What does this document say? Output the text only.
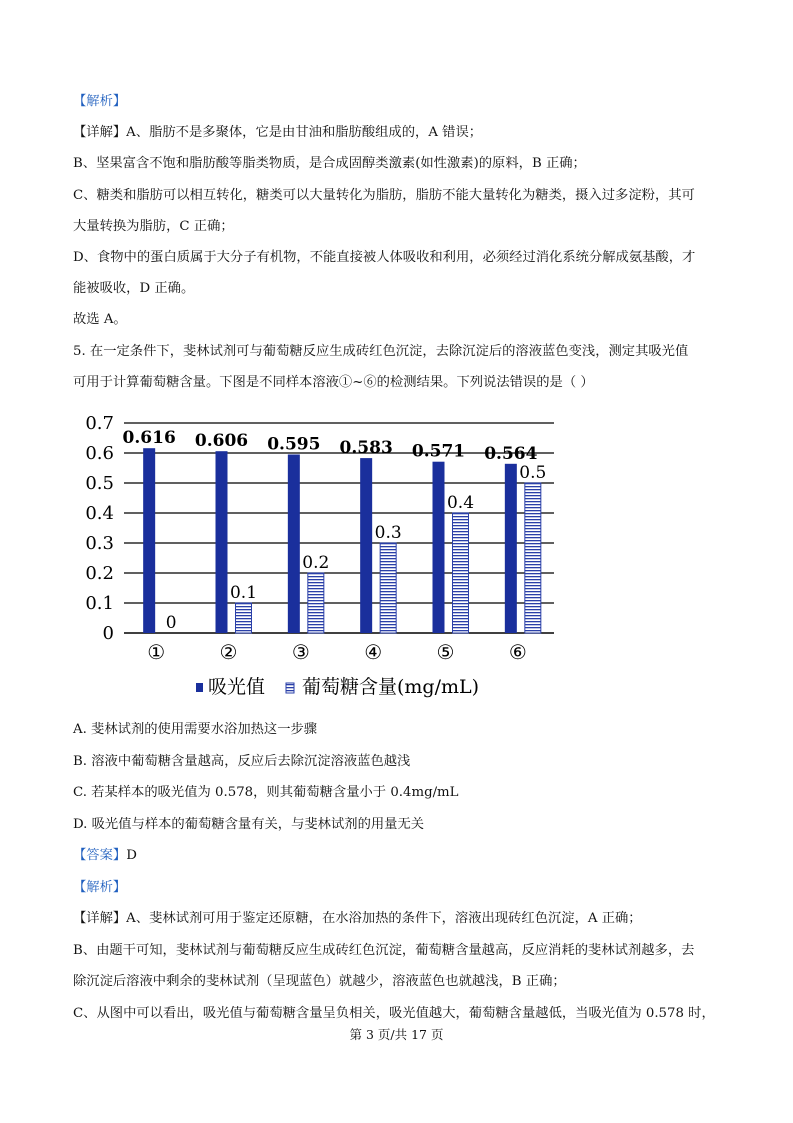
【解析】
【详解】A、脂肪不是多聚体，它是由甘油和脂肪酸组成的，A 错误；
B、坚果富含不饱和脂肪酸等脂类物质，是合成固醇类激素(如性激素)的原料，B 正确；
C、糖类和脂肪可以相互转化，糖类可以大量转化为脂肪，脂肪不能大量转化为糖类，摄入过多淀粉，其可
大量转换为脂肪，C 正确；
D、食物中的蛋白质属于大分子有机物，不能直接被人体吸收和利用，必须经过消化系统分解成氨基酸，才
能被吸收，D 正确。
故选 A。
5. 在一定条件下，斐林试剂可与葡萄糖反应生成砖红色沉淀，去除沉淀后的溶液蓝色变浅，测定其吸光值
可用于计算葡萄糖含量。下图是不同样本溶液①~⑥的检测结果。下列说法错误的是（ ）
0
0.1
0.2
0.3
0.4
0.5
0.6
0.7
0.616
0
0.606
0.1
0.595
0.2
0.583
0.3
0.571
0.4
0.564
0.5
①	②	③	④	⑤	⑥
吸光值 葡萄糖含量(mg/mL)
A. 斐林试剂的使用需要水浴加热这一步骤
B. 溶液中葡萄糖含量越高，反应后去除沉淀溶液蓝色越浅
C. 若某样本的吸光值为 0.578，则其葡萄糖含量小于 0.4mg/mL
D. 吸光值与样本的葡萄糖含量有关，与斐林试剂的用量无关
【答案】D
【解析】
【详解】A、斐林试剂可用于鉴定还原糖，在水浴加热的条件下，溶液出现砖红色沉淀，A 正确；
B、由题干可知，斐林试剂与葡萄糖反应生成砖红色沉淀，葡萄糖含量越高，反应消耗的斐林试剂越多，去
除沉淀后溶液中剩余的斐林试剂（呈现蓝色）就越少，溶液蓝色也就越浅，B 正确；
C、从图中可以看出，吸光值与葡萄糖含量呈负相关，吸光值越大，葡萄糖含量越低，当吸光值为 0.578 时，
第 3 页/共 17 页
